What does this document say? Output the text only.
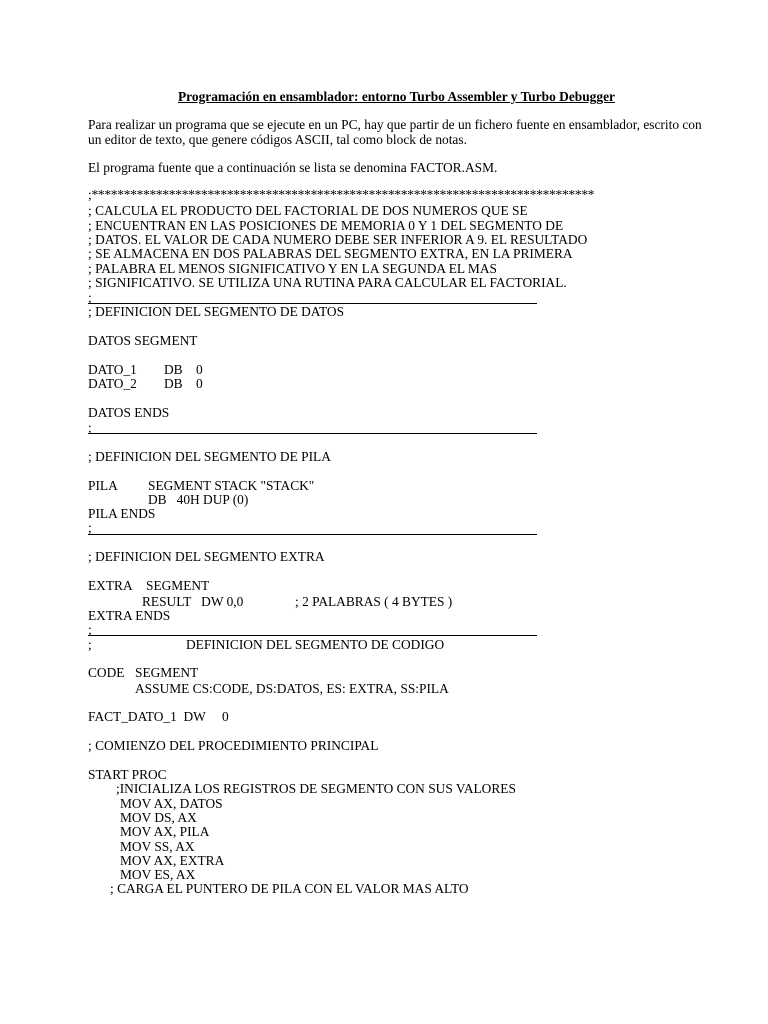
Programación en ensamblador: entorno Turbo Assembler y Turbo Debugger
Para realizar un programa que se ejecute en un PC, hay que partir de un fichero fuente en ensamblador, escrito con
un editor de texto, que genere códigos ASCII, tal como block de notas.
El programa fuente que a continuación se lista se denomina FACTOR.ASM.
;******************************************************************************
; CALCULA EL PRODUCTO DEL FACTORIAL DE DOS NUMEROS QUE SE
; ENCUENTRAN EN LAS POSICIONES DE MEMORIA 0 Y 1 DEL SEGMENTO DE
; DATOS. EL VALOR DE CADA NUMERO DEBE SER INFERIOR A 9. EL RESULTADO
; SE ALMACENA EN DOS PALABRAS DEL SEGMENTO EXTRA, EN LA PRIMERA
; PALABRA EL MENOS SIGNIFICATIVO Y EN LA SEGUNDA EL MAS
; SIGNIFICATIVO. SE UTILIZA UNA RUTINA PARA CALCULAR EL FACTORIAL.
;
; DEFINICION DEL SEGMENTO DE DATOS
DATOS SEGMENT
DATO_1 DB 0
DATO_2 DB 0
DATOS ENDS
;
; DEFINICION DEL SEGMENTO DE PILA
PILA SEGMENT STACK "STACK"
DB   40H DUP (0)
PILA ENDS
;
; DEFINICION DEL SEGMENTO EXTRA
EXTRA SEGMENT
RESULT   DW 0,0	; 2 PALABRAS ( 4 BYTES )
EXTRA ENDS
;
;	DEFINICION DEL SEGMENTO DE CODIGO
CODE SEGMENT
ASSUME CS:CODE, DS:DATOS, ES: EXTRA, SS:PILA
FACT_DATO_1  DW 0
; COMIENZO DEL PROCEDIMIENTO PRINCIPAL
START PROC
;INICIALIZA LOS REGISTROS DE SEGMENTO CON SUS VALORES
MOV AX, DATOS
MOV DS, AX
MOV AX, PILA
MOV SS, AX
MOV AX, EXTRA
MOV ES, AX
; CARGA EL PUNTERO DE PILA CON EL VALOR MAS ALTO
